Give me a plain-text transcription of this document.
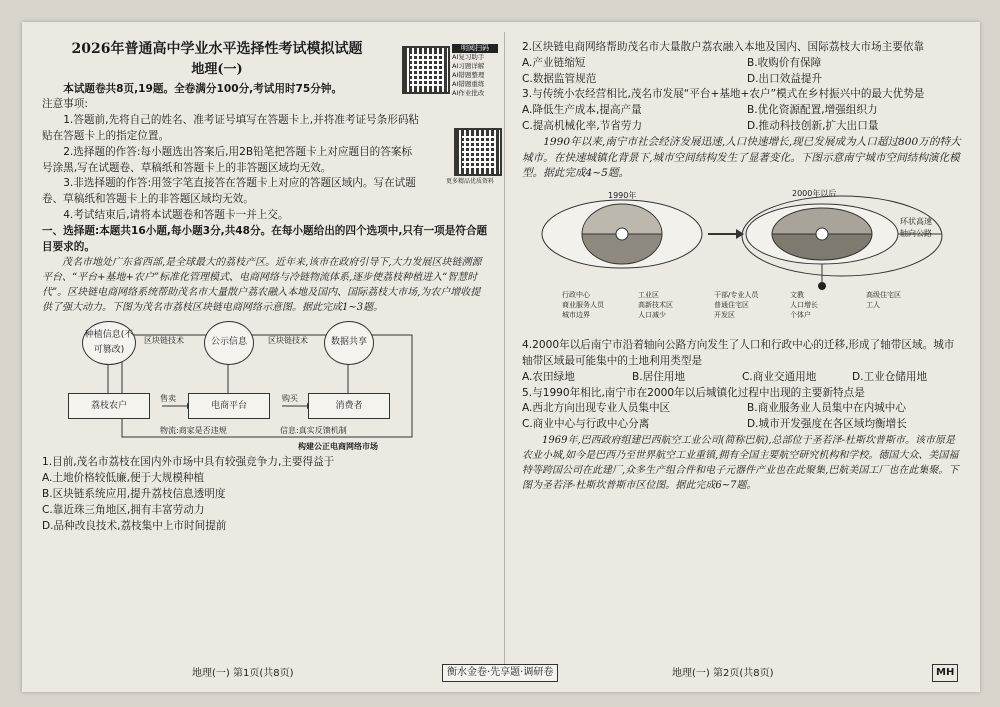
2026年普通高中学业水平选择性考试模拟试题

地理(一)

明阅扫码
AI复习助手
AI习题详解
AI错题整理
AI错题重练
AI作业批改
更多精品优质资料

本试题卷共8页,19题。全卷满分100分,考试用时75分钟。

注意事项:

1.答题前,先将自己的姓名、准考证号填写在答题卡上,并将准考证号条形码粘贴在答题卡上的指定位置。

2.选择题的作答:每小题选出答案后,用2B铅笔把答题卡上对应题目的答案标号涂黑,写在试题卷、草稿纸和答题卡上的非答题区域均无效。

3.非选择题的作答:用签字笔直接答在答题卡上对应的答题区域内。写在试题卷、草稿纸和答题卡上的非答题区域均无效。

4.考试结束后,请将本试题卷和答题卡一并上交。

一、选择题:本题共16小题,每小题3分,共48分。在每小题给出的四个选项中,只有一项是符合题目要求的。

茂名市地处广东省西部,是全球最大的荔枝产区。近年来,该市在政府引导下,大力发展区块链溯源平台、“平台+基地+农户”标准化管理模式、电商网络与冷链物流体系,逐步使荔枝种植进入“智慧时代”。区块链电商网络系统帮助茂名市大量散户荔农融入本地及国内、国际荔枝大市场,为农户增收提供了强大动力。下图为茂名市荔枝区块链电商网络示意图。据此完成1~3题。

种植信息(不可篡改)
公示信息	数据共享
区块链技术	区块链技术
荔枝农户	电商平台	消费者
售卖	购买
物流:商家是否违规	信息:真实反馈机制
构建公正电商网络市场

1.目前,茂名市荔枝在国内外市场中具有较强竞争力,主要得益于

A.土地价格较低廉,便于大规模种植

B.区块链系统应用,提升荔枝信息透明度

C.靠近珠三角地区,拥有丰富劳动力

D.品种改良技术,荔枝集中上市时间提前

地理(一) 第1页(共8页)

2.区块链电商网络帮助茂名市大量散户荔农融入本地及国内、国际荔枝大市场主要依靠

A.产业链缩短	B.收购价有保障

C.数据监管规范	D.出口效益提升

3.与传统小农经营相比,茂名市发展“平台+基地+农户”模式在乡村振兴中的最大优势是

A.降低生产成本,提高产量	B.优化资源配置,增强组织力

C.提高机械化率,节省劳力	D.推动科技创新,扩大出口量

1990年以来,南宁市社会经济发展迅速,人口快速增长,现已发展成为人口超过800万的特大城市。在快速城镇化背景下,城市空间结构发生了显著变化。下图示意南宁城市空间结构演化模型。据此完成4~5题。

1990年	2000年以后
环状高速
轴向公路
行政中心	工业区	干部/专业人员	文教	高级住宅区
商业服务人员	高新技术区	普通住宅区	人口增长	工人
城市边界	人口减少	开发区	个体户

4.2000年以后南宁市沿着轴向公路方向发生了人口和行政中心的迁移,形成了轴带区域。城市轴带区域最可能集中的土地利用类型是

A.农田绿地	B.居住用地	C.商业交通用地	D.工业仓储用地

5.与1990年相比,南宁市在2000年以后城镇化过程中出现的主要新特点是

A.西北方向出现专业人员集中区	B.商业服务业人员集中在内城中心

C.商业中心与行政中心分离	D.城市开发强度在各区域均衡增长

1969年,巴西政府组建巴西航空工业公司(简称巴航),总部位于圣若泽-杜斯坎普斯市。该市原是农业小城,如今是巴西乃至世界航空工业重镇,拥有全国主要航空研究机构和学校。德国大众、美国福特等跨国公司在此建厂,众多生产组合件和电子元器件产业也在此聚集,巴航美国工厂也在此集聚。下图为圣若泽-杜斯坎普斯市区位图。据此完成6~7题。

衡水金卷·先享题·调研卷	地理(一) 第2页(共8页)	MH
